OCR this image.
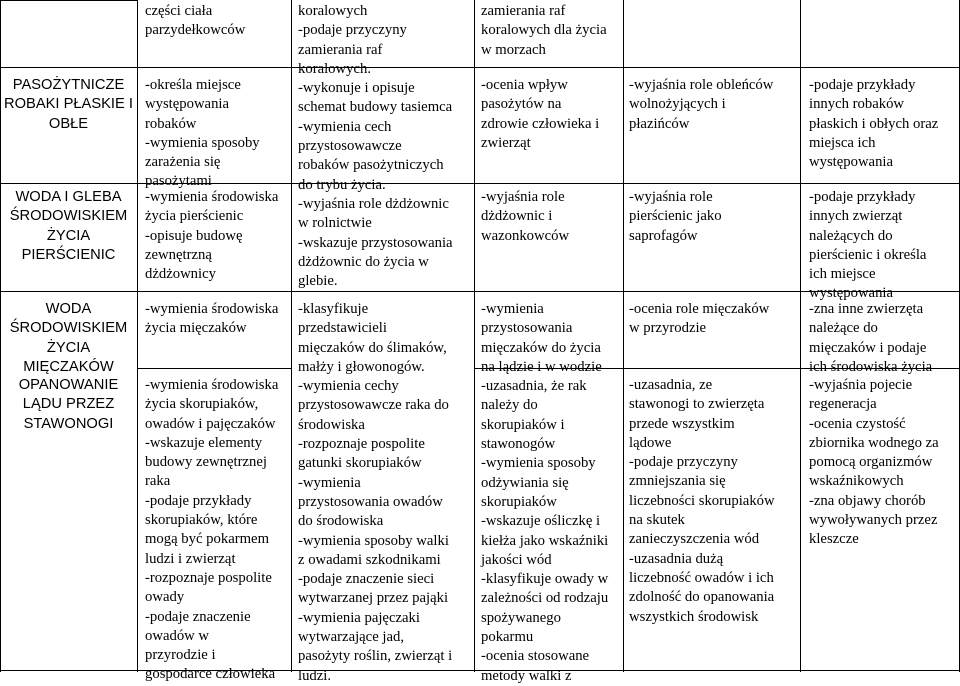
PASOŻYTNICZE ROBAKI PŁASKIE I OBŁE
WODA I GLEBA ŚRODOWISKIEM ŻYCIA PIERŚCIENIC
WODA ŚRODOWISKIEM ŻYCIA MIĘCZAKÓW
OPANOWANIE LĄDU PRZEZ STAWONOGI
części ciała
parzydełkowców
-określa miejsce
występowania
robaków
-wymienia sposoby
zarażenia się
pasożytami
-wymienia środowiska
życia pierścienic
-opisuje budowę
zewnętrzną
dżdżownicy
-wymienia środowiska
życia mięczaków
-wymienia środowiska
życia skorupiaków,
owadów i pajęczaków
-wskazuje elementy
budowy zewnętrznej
raka
-podaje przykłady
skorupiaków, które
mogą być pokarmem
ludzi i zwierząt
-rozpoznaje pospolite
owady
-podaje znaczenie
owadów w
przyrodzie i
gospodarce człowieka
koralowych
-podaje przyczyny
zamierania raf
koralowych.
-wykonuje i opisuje
schemat budowy tasiemca
-wymienia cech
przystosowawcze
robaków pasożytniczych
do trybu życia.
-wyjaśnia role dżdżownic
w rolnictwie
-wskazuje przystosowania
dżdżownic do życia w
glebie.
-klasyfikuje
przedstawicieli
mięczaków do ślimaków,
małży i głowonogów.
-wymienia cechy
przystosowawcze raka do
środowiska
-rozpoznaje pospolite
gatunki skorupiaków
-wymienia
przystosowania owadów
do środowiska
-wymienia sposoby walki
z owadami szkodnikami
-podaje znaczenie sieci
wytwarzanej przez pająki
-wymienia pajęczaki
wytwarzające jad,
pasożyty roślin, zwierząt i
ludzi.
zamierania raf
koralowych dla życia
w morzach
-ocenia wpływ
pasożytów na
zdrowie człowieka i
zwierząt
-wyjaśnia role
dżdżownic i
wazonkowców
-wymienia
przystosowania
mięczaków do życia
na lądzie i w wodzie
-uzasadnia, że rak
należy do
skorupiaków i
stawonogów
-wymienia sposoby
odżywiania się
skorupiaków
-wskazuje ośliczkę i
kiełża jako wskaźniki
jakości wód
-klasyfikuje owady w
zależności od rodzaju
spożywanego
pokarmu
-ocenia stosowane
metody walki z
-wyjaśnia role obleńców
wolnożyjących i
płazińców
-wyjaśnia role
pierścienic jako
saprofagów
-ocenia role mięczaków
w przyrodzie
-uzasadnia, ze
stawonogi to zwierzęta
przede wszystkim
lądowe
-podaje przyczyny
zmniejszania się
liczebności skorupiaków
na skutek
zanieczyszczenia wód
-uzasadnia dużą
liczebność owadów i ich
zdolność do opanowania
wszystkich środowisk
-podaje przykłady
innych robaków
płaskich i obłych oraz
miejsca ich
występowania
-podaje przykłady
innych zwierząt
należących do
pierścienic i określa
ich miejsce
występowania
-zna inne zwierzęta
należące do
mięczaków i podaje
ich środowiska życia
-wyjaśnia pojecie
regeneracja
-ocenia czystość
zbiornika wodnego za
pomocą organizmów
wskaźnikowych
-zna objawy chorób
wywoływanych przez
kleszcze
